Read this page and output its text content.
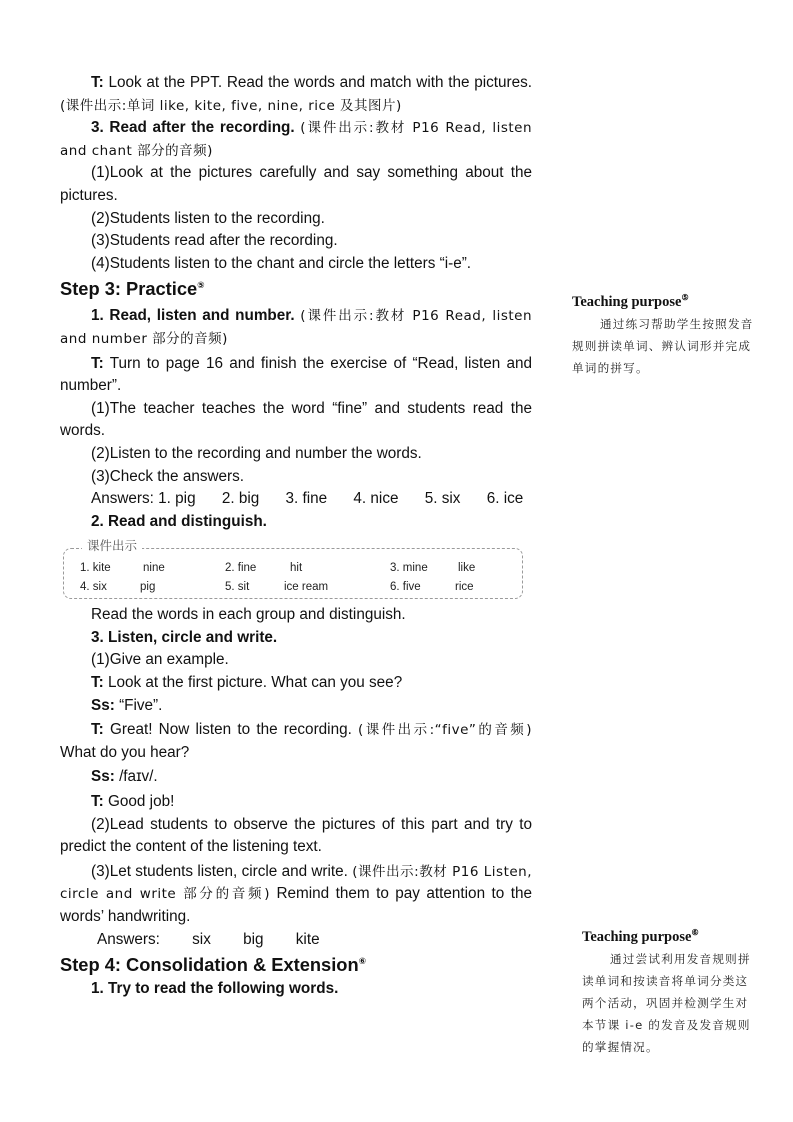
T: Look at the PPT. Read the words and match with the pictures. (课件出示:单词 like, kite, five, nine, rice 及其图片)

3. Read after the recording. (课件出示:教材 P16 Read, listen and chant 部分的音频)

(1)Look at the pictures carefully and say something about the pictures.

(2)Students listen to the recording.

(3)Students read after the recording.

(4)Students listen to the chant and circle the letters “i-e”.

Step 3: Practice⑤

1. Read, listen and number. (课件出示:教材 P16 Read, listen and number 部分的音频)

T: Turn to page 16 and finish the exercise of “Read, listen and number”.

(1)The teacher teaches the word “fine” and students read the words.

(2)Listen to the recording and number the words.

(3)Check the answers.

Answers: 1. pig 2. big 3. fine 4. nice 5. six 6. ice

2. Read and distinguish.

课件出示
1. kite	nine	2. fine	hit	3. mine	like
4. six	pig	5. sit	ice ream	6. five	rice

Read the words in each group and distinguish.

3. Listen, circle and write.

(1)Give an example.

T: Look at the first picture. What can you see?

Ss: “Five”.

T: Great! Now listen to the recording. (课件出示:“five”的音频) What do you hear?

Ss: /faɪv/.

T: Good job!

(2)Lead students to observe the pictures of this part and try to predict the content of the listening text.

(3)Let students listen, circle and write. (课件出示:教材 P16 Listen, circle and write 部分的音频) Remind them to pay attention to the words’ handwriting.

Answers: six big kite

Step 4: Consolidation & Extension⑥

1. Try to read the following words.

Teaching purpose⑤

通过练习帮助学生按照发音规则拼读单词、辨认词形并完成单词的拼写。

Teaching purpose⑥

通过尝试利用发音规则拼读单词和按读音将单词分类这两个活动，巩固并检测学生对本节课 i-e 的发音及发音规则的掌握情况。
